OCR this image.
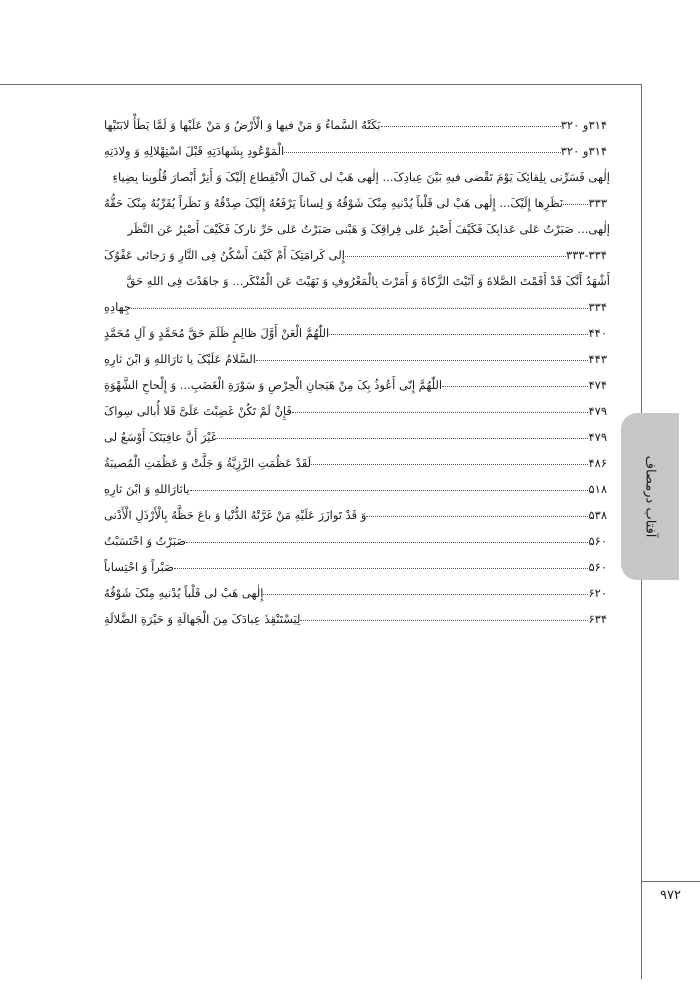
آفتاب درمصاف
۹۷۲
بَکَتْهُ السَّماءُ وَ مَنْ فیها وَ الْأَرْضُ وَ مَنْ عَلَیْها وَ لَمَّا یَطَأْ لابَتَیْها	۳۱۴و ۳۲۰
الْمَوْعُودِ بِشَهادَتِهِ قَبْلَ اسْتِهْلالِهِ وَ وِلادَتِهِ	۳۱۴و ۳۲۰
إِلٰهی فَسَرِّنی بِلِقائِکَ یَوْمَ تَقْضی فیهِ بَیْنَ عِبادِکَ... إِلٰهی هَبْ لی کَمالَ الْانْقِطاعِ إِلَیْکَ وَ أَنِرْ أَبْصارَ قُلُوبِنا بِضِیاءِ
نَظَرِها إِلَیْکَ... إِلٰهی هَبْ لی قَلْباً یُدْنیهِ مِنْکَ شَوْقُهُ وَ لِساناً یَرْفَعُهُ إِلَیْکَ صِدْقُهُ وَ نَظَراً یُقَرِّبُهُ مِنْکَ حَقُّهُ ۳۳۳
إِلٰهی... صَبَرْتُ عَلی عَذابِکَ فَکَیْفَ أَصْبِرُ عَلی فِراقِکَ وَ هَبْنی صَبَرْتُ عَلی حَرِّ نارِکَ فَکَیْفَ أَصْبِرُ عَنِ النَّظَرِ
إِلی کَرامَتِکَ أَمْ کَیْفَ أَسْکُنُ فِی النَّارِ وَ رَجائی عَفْوُکَ	۳۳۳-۳۳۴
أَشْهَدُ أَنَّکَ قَدْ أَقَمْتَ الصَّلاةَ وَ آتَیْتَ الزَّکاةَ وَ أَمَرْتَ بِالْمَعْرُوفِ وَ نَهَیْتَ عَنِ الْمُنْکَرِ... وَ جاهَدْتَ فِی اللهِ حَقَّ
جِهادِهِ	۳۳۴
اللّٰهُمَّ الْعَنْ أَوَّلَ ظالِمٍ ظَلَمَ حَقَّ مُحَمَّدٍ وَ آلِ مُحَمَّدٍ	۴۴۰
السَّلامُ عَلَیْکَ یا ثارَاللهِ وَ ابْنَ ثارِهِ	۴۴۳
اللّٰهُمَّ إِنّی أَعُوذُ بِکَ مِنْ هَیَجانِ الْحِرْصِ وَ سَوْرَةِ الْغَضَبِ... وَ إِلْحاحِ الشَّهْوَةِ	۴۷۴
فَإِنْ لَمْ تَکُنْ غَضِبْتَ عَلَیَّ فَلا أُبالی سِواکَ	۴۷۹
غَیْرَ أَنَّ عافِیَتَکَ أَوْسَعُ لی	۴۷۹
لَقَدْ عَظُمَتِ الرَّزِیَّةُ وَ جَلَّتْ وَ عَظُمَتِ الْمُصیبَةُ	۴۸۶
یاثارَاللهِ وَ ابْنَ ثارِهِ	۵۱۸
وَ قَدْ تَوازَرَ عَلَیْهِ مَنْ غَرَّتْهُ الدُّنْیا وَ باعَ حَظَّهُ بِالْأَرْذَلِ الْأَدْنی	۵۳۸
صَبَرْتُ وَ احْتَسَبْتُ	۵۶۰
صَبْراً وَ احْتِساباً	۵۶۰
إِلٰهی هَبْ لی قَلْباً یُدْنیهِ مِنْکَ شَوْقُهُ	۶۲۰
لِیَسْتَنْقِذَ عِبادَکَ مِنَ الْجَهالَةِ وَ حَیْرَةِ الضَّلالَةِ	۶۳۴
